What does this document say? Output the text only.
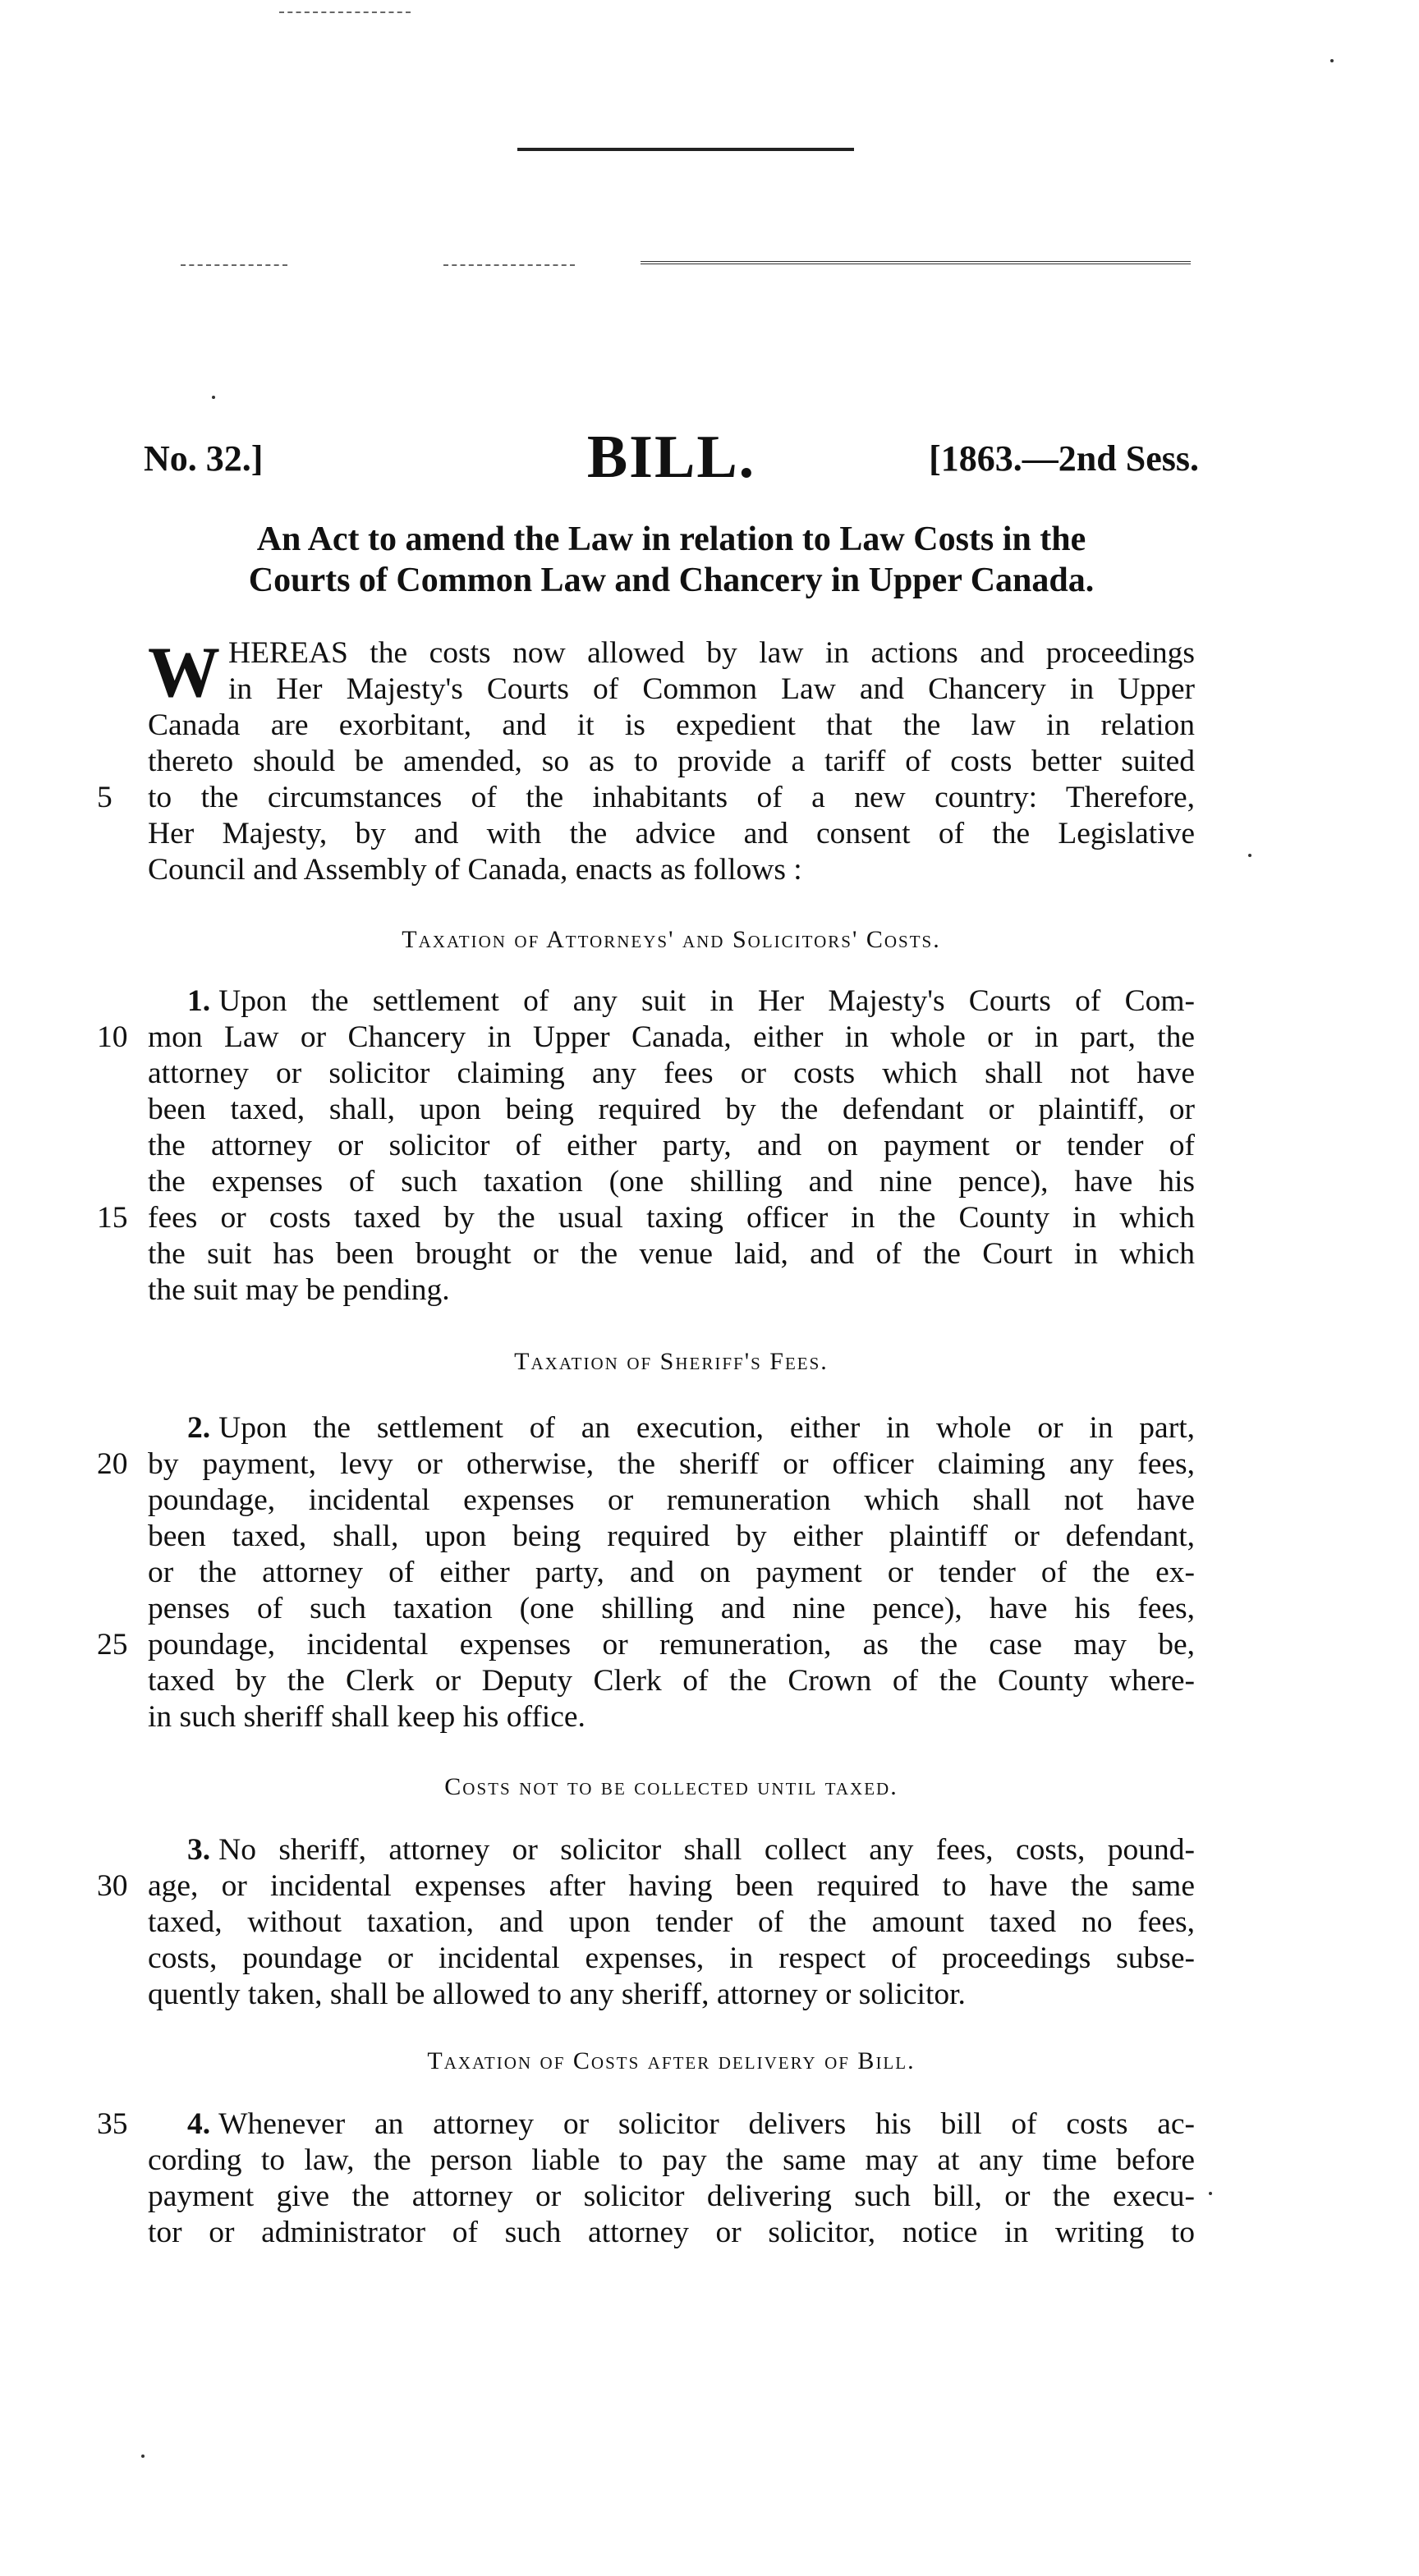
No. 32.]	BILL.	[1863.—2nd Sess.
An Act to amend the Law in relation to Law Costs in the
Courts of Common Law and Chancery in Upper Canada.
W HEREAS the costs now allowed by law in actions and proceedings
in Her Majesty's Courts of Common Law and Chancery in Upper
Canada are exorbitant, and it is expedient that the law in relation
thereto should be amended, so as to provide a tariff of costs better suited
to the circumstances of the inhabitants of a new country: Therefore,
Her Majesty, by and with the advice and consent of the Legislative
Council and Assembly of Canada, enacts as follows :
Taxation of Attorneys' and Solicitors' Costs.
1. Upon the settlement of any suit in Her Majesty's Courts of Com-
mon Law or Chancery in Upper Canada, either in whole or in part, the
attorney or solicitor claiming any fees or costs which shall not have
been taxed, shall, upon being required by the defendant or plaintiff, or
the attorney or solicitor of either party, and on payment or tender of
the expenses of such taxation (one shilling and nine pence), have his
fees or costs taxed by the usual taxing officer in the County in which
the suit has been brought or the venue laid, and of the Court in which
the suit may be pending.
Taxation of Sheriff's Fees.
2. Upon the settlement of an execution, either in whole or in part,
by payment, levy or otherwise, the sheriff or officer claiming any fees,
poundage, incidental expenses or remuneration which shall not have
been taxed, shall, upon being required by either plaintiff or defendant,
or the attorney of either party, and on payment or tender of the ex-
penses of such taxation (one shilling and nine pence), have his fees,
poundage, incidental expenses or remuneration, as the case may be,
taxed by the Clerk or Deputy Clerk of the Crown of the County where-
in such sheriff shall keep his office.
Costs not to be collected until taxed.
3. No sheriff, attorney or solicitor shall collect any fees, costs, pound-
age, or incidental expenses after having been required to have the same
taxed, without taxation, and upon tender of the amount taxed no fees,
costs, poundage or incidental expenses, in respect of proceedings subse-
quently taken, shall be allowed to any sheriff, attorney or solicitor.
Taxation of Costs after delivery of Bill.
4. Whenever an attorney or solicitor delivers his bill of costs ac-
cording to law, the person liable to pay the same may at any time before
payment give the attorney or solicitor delivering such bill, or the execu-
tor or administrator of such attorney or solicitor, notice in writing to
5
10
15
20
25
30
35
